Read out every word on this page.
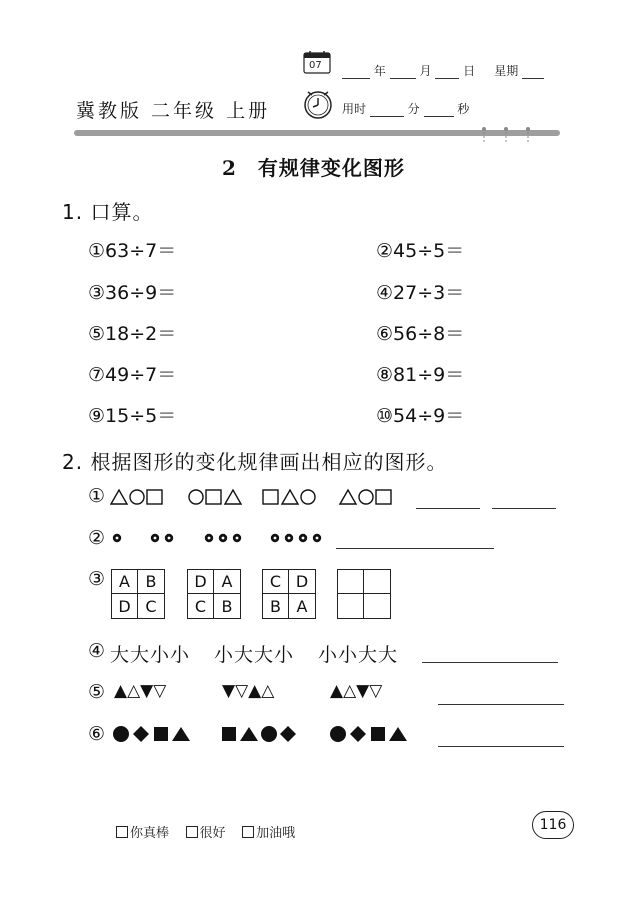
07	年	月	日 星期
冀教版 二年级 上册	用时	分	秒
2　有规律变化图形
1. 口算。
①63÷7＝	②45÷5＝
③36÷9＝	④27÷3＝
⑤18÷2＝	⑥56÷8＝
⑦49÷7＝	⑧81÷9＝
⑨15÷5＝	⑩54÷9＝
2. 根据图形的变化规律画出相应的图形。
①
②
③ A B
D C
D A
C B
C D
B A
④ 大大小小 小大大小 小小大大
⑤ ▲△▼▽	▼▽▲△	▲△▼▽
⑥
你真棒 很好 加油哦
116
